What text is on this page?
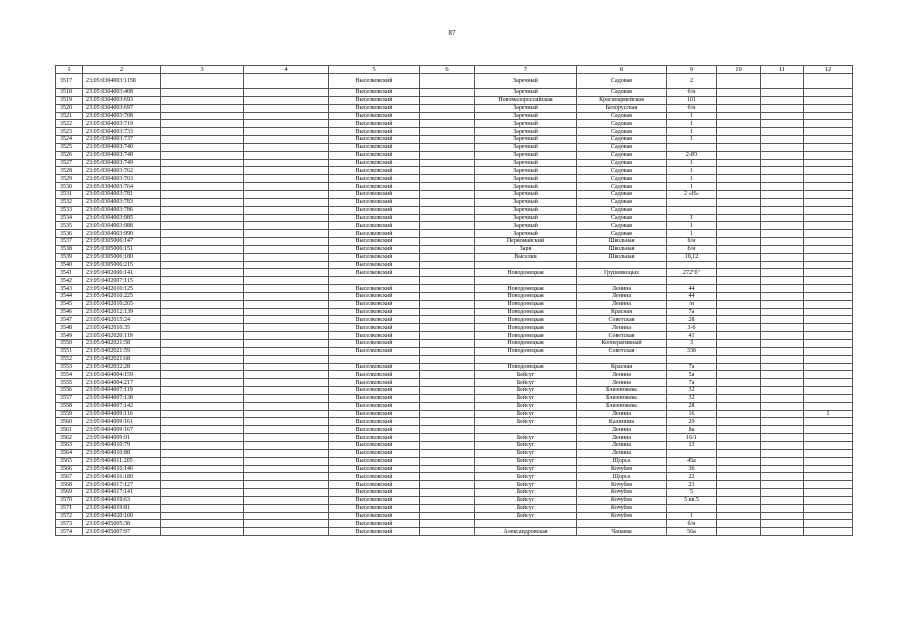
87
1	2	3	4	5	6	7	8	9	10	11	12
3517	23:05:0304003:1158			Выселковский		Заречный	Садовая	2			
3518	23:05:0304003:408			Выселковский		Заречный	Садовая	б/н			
3519	23:05:0304003:693			Выселковский		Новомалороссийская	Красноармейская	101			
3520	23:05:0304003:697			Выселковский		Заречный	Белорусская	б/н			
3521	23:05:0304003:708			Выселковский		Заречный	Садовая	1			
3522	23:05:0304003:719			Выселковский		Заречный	Садовая	1			
3523	23:05:0304003:733			Выселковский		Заречный	Садовая	1			
3524	23:05:0304003:737			Выселковский		Заречный	Садовая	1			
3525	23:05:0304003:740			Выселковский		Заречный	Садовая				
3526	23:05:0304003:748			Выселковский		Заречный	Садовая	2-Ю			
3527	23:05:0304003:749			Выселковский		Заречный	Садовая	1			
3528	23:05:0304003:762			Выселковский		Заречный	Садовая	1			
3529	23:05:0304003:763			Выселковский		Заречный	Садовая	1			
3530	23:05:0304003:764			Выселковский		Заречный	Садовая	1			
3531	23:05:0304003:781			Выселковский		Заречный	Садовая	2 «Н»			
3532	23:05:0304003:783			Выселковский		Заречный	Садовая				
3533	23:05:0304003:786			Выселковский		Заречный	Садовая				
3534	23:05:0304003:985			Выселковский		Заречный	Садовая	1			
3535	23:05:0304003:988			Выселковский		Заречный	Садовая	1			
3536	23:05:0304003:990			Выселковский		Заречный	Садовая	1			
3537	23:05:0305006:147			Выселковский		Первомайский	Школьная	б/н			
3538	23:05:0305006:151			Выселковский		Заря	Школьная	б/н			
3539	23:05:0305006:180			Выселковский		Выселки	Школьная	10,12			
3540	23:05:0305006:215			Выселковский							
3541	23:05:0402006:141			Выселковский		Новодонецкая	Грушевкоцых	272"б"			
3542	23:05:0402007:115										
3543	23:05:0402010:125			Выселковский		Новодонецкая	Ленина	44			
3544	23:05:0402010:225			Выселковский		Новодонецкая	Ленина	44			
3545	23:05:0402010:265			Выселковский		Новодонецкая	Ленина	/н			
3546	23:05:0402012:139			Выселковский		Новодонецкая	Красная	7а			
3547	23:05:0402015:24			Выселковский		Новодонецкая	Советская	28			
3548	23:05:0402016:35			Выселковский		Новодонецкая	Ленина	3-б			
3549	23:05:0402020:119			Выселковский		Новодонецкая	Советская	41			
3550	23:05:0402021:58			Выселковский		Новодонецкая	Кооперативный	3			
3551	23:05:0402021:59			Выселковский		Новодонецкая	Советская	33б			
3552	23:05:0402021:68										
3553	23:05:0402032:28			Выселковский		Новодонецкая	Красная	7а			
3554	23:05:0404004:159			Выселковский		Бейсуг	Ленина	5а			
3555	23:05:0404004:217			Выселковский		Бейсуг	Ленина	7а			
3556	23:05:0404007:119			Выселковский		Бейсуг	Близнюкова	32			
3557	23:05:0404007:138			Выселковский		Бейсуг	Близнюкова	32			
3558	23:05:0404007:142			Выселковский		Бейсуг	Близнюкова	28			
3559	23:05:0404009:116			Выселковский		Бейсуг	Ленина	16			1
3560	23:05:0404009:161			Выселковский		Бейсуг	Калинина	29			
3561	23:05:0404009:167			Выселковский			Ленина	8а			
3562	23:05:0404009:91			Выселковский		Бейсуг	Ленина	16/1			
3563	23:05:0404010:79			Выселковский		Бейсуг	Ленина	13			
3564	23:05:0404010:88			Выселковский		Бейсуг	Ленина				
3565	23:05:0404011:205			Выселковский		Бейсуг	Щорса	45а			
3566	23:05:0404016:146			Выселковский		Бейсуг	Кочубея	36			
3567	23:05:0404016:180			Выселковский		Бейсуг	Щорса	22			
3568	23:05:0404017:127			Выселковский		Бейсуг	Кочубея	23			
3569	23:05:0404017:141			Выселковский		Бейсуг	Кочубея	5			
3570	23:05:0404019:63			Выселковский		Бейсуг	Кочубея	5 кв.5			
3571	23:05:0404019:81			Выселковский		Бейсуг	Кочубея				
3572	23:05:0404020:100			Выселковский		Бейсуг	Кочубея	1			
3573	23:05:0405005:38			Выселковский				б/н			
3574	23:05:0405007:97			Выселковский		Александровская	Чапаева	56а			
